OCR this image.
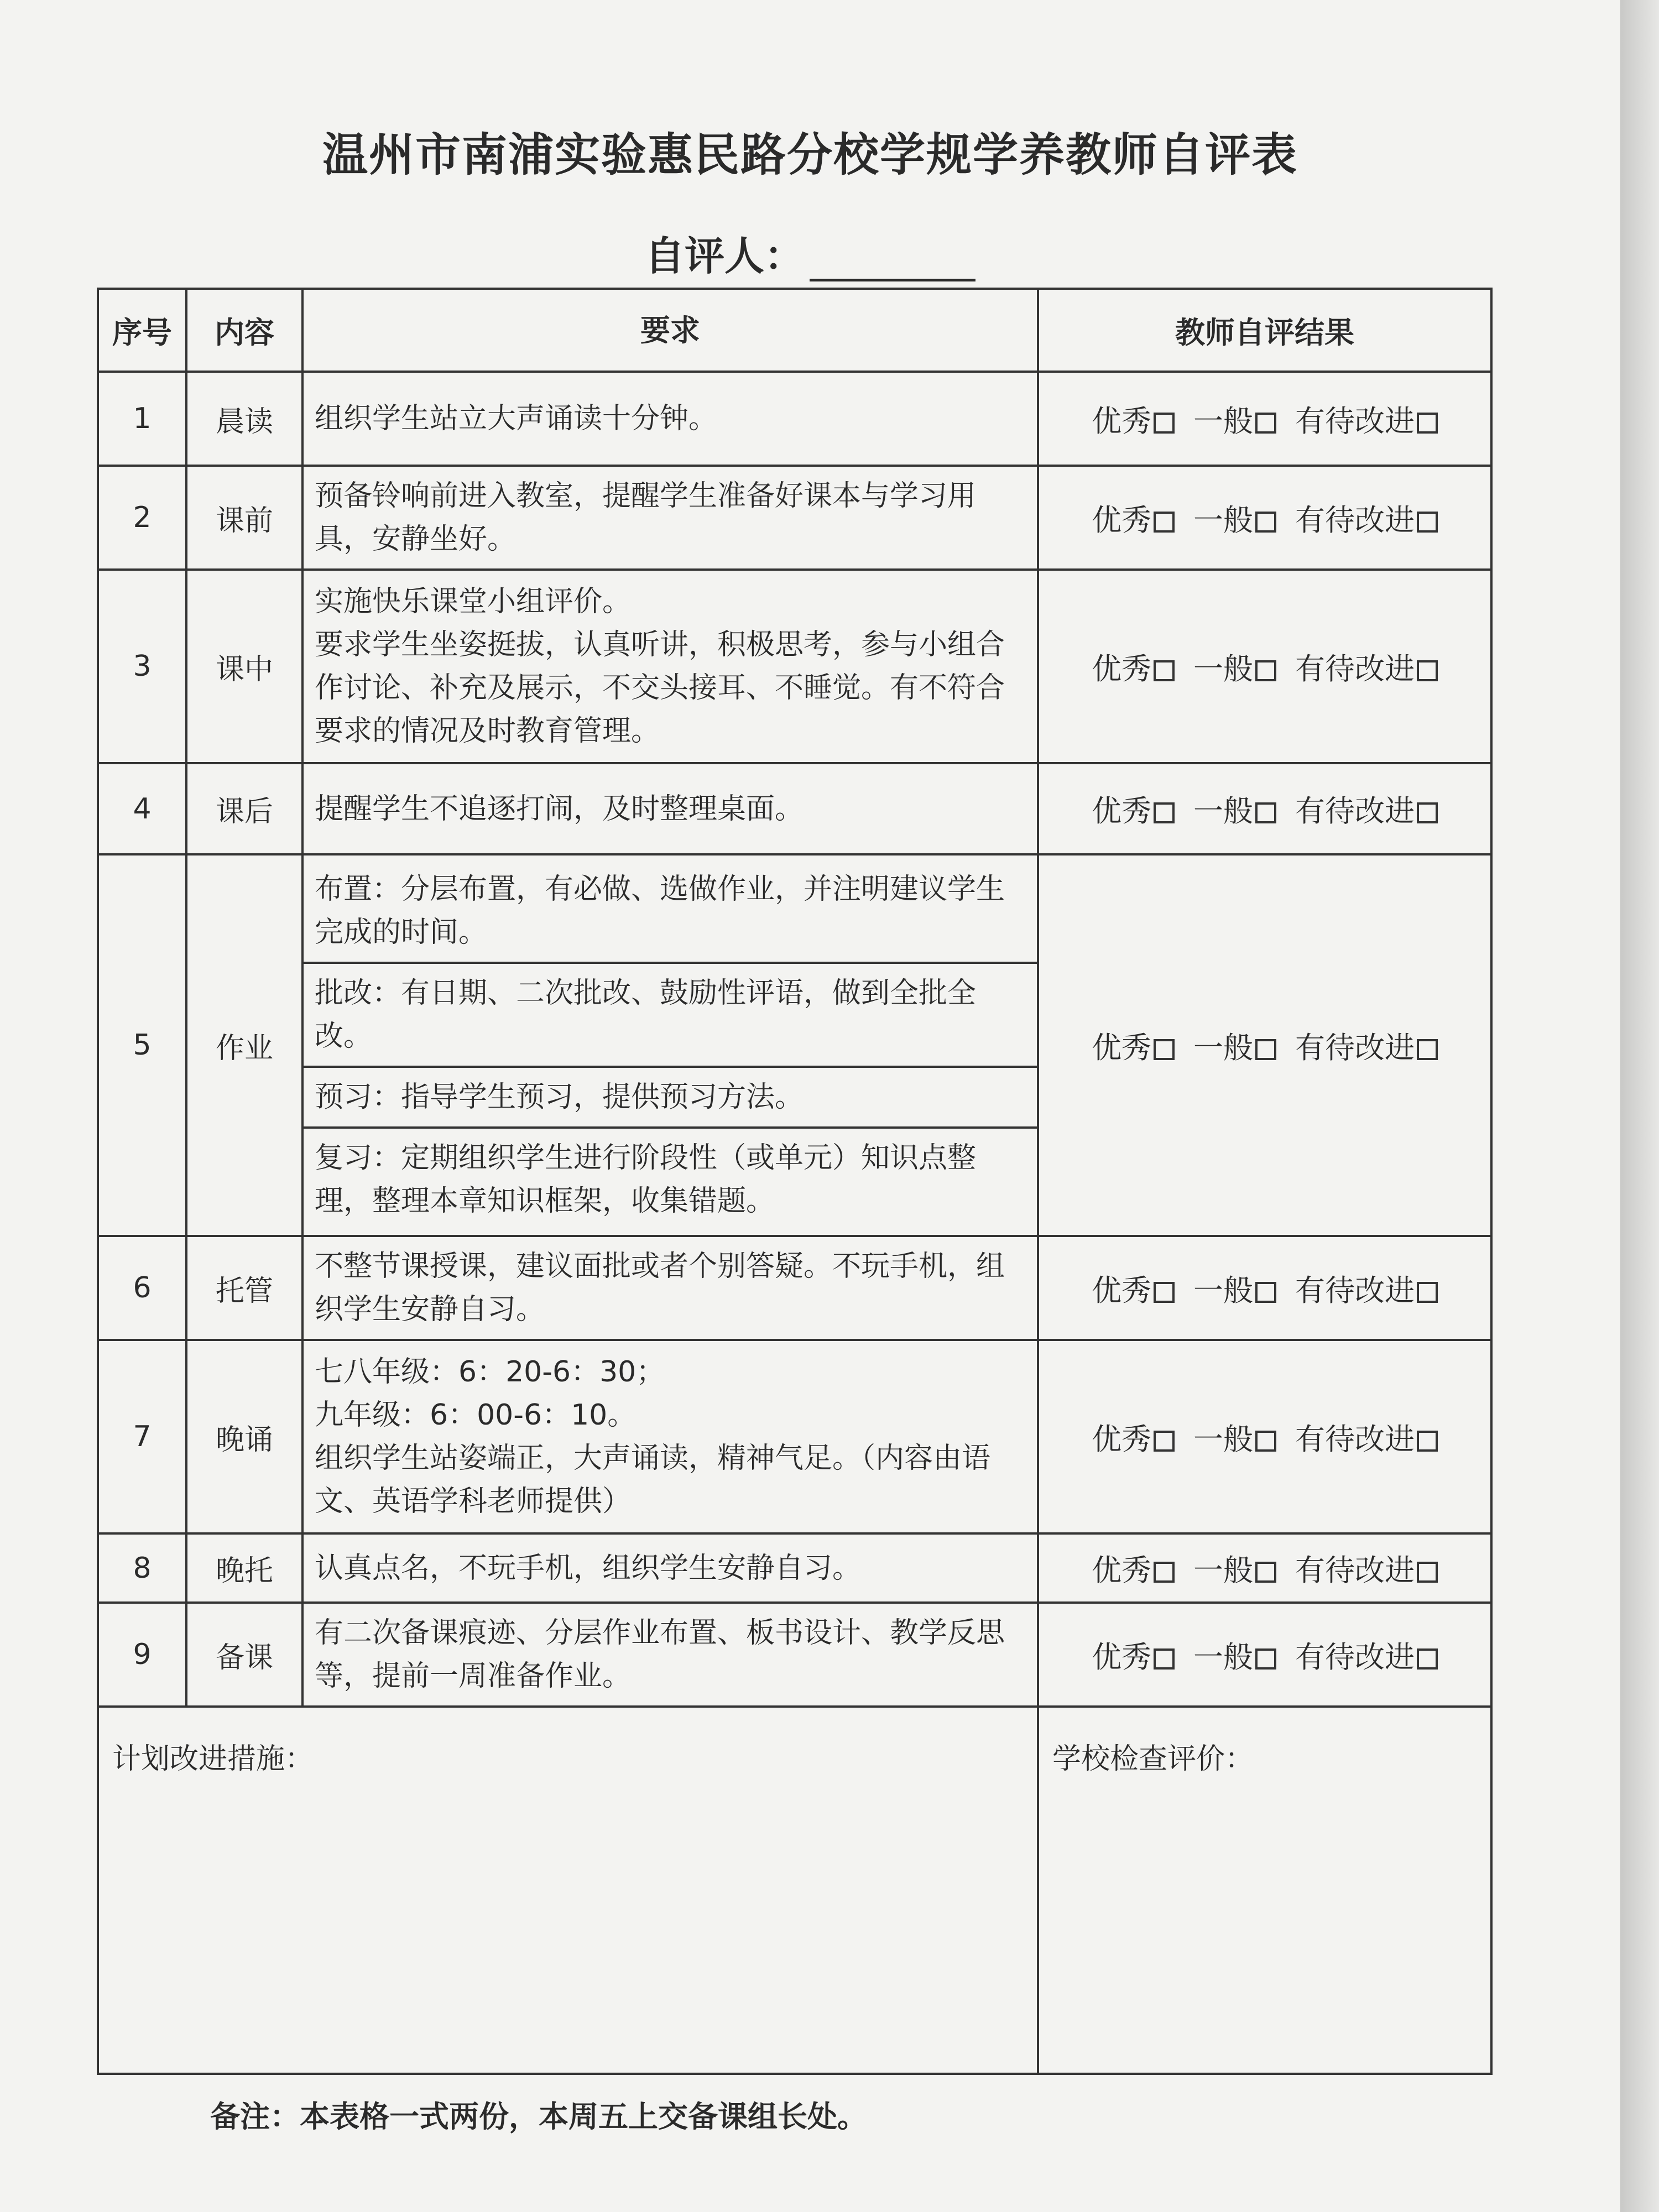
温州市南浦实验惠民路分校学规学养教师自评表
自评人：
序号	内容	要求	教师自评结果
1	晨读	组织学生站立大声诵读十分钟。	优秀 一般 有待改进
2	课前	预备铃响前进入教室，提醒学生准备好课本与学习用具，安静坐好。	优秀 一般 有待改进
3	课中	实施快乐课堂小组评价。
要求学生坐姿挺拔，认真听讲，积极思考，参与小组合作讨论、补充及展示，不交头接耳、不睡觉。有不符合要求的情况及时教育管理。	优秀 一般 有待改进
4	课后	提醒学生不追逐打闹，及时整理桌面。	优秀 一般 有待改进
5	作业	布置：分层布置，有必做、选做作业，并注明建议学生完成的时间。
批改：有日期、二次批改、鼓励性评语，做到全批全改。
预习：指导学生预习，提供预习方法。
复习：定期组织学生进行阶段性（或单元）知识点整理，整理本章知识框架，收集错题。	优秀 一般 有待改进
6	托管	不整节课授课，建议面批或者个别答疑。不玩手机，组织学生安静自习。	优秀 一般 有待改进
7	晚诵	七八年级：6：20-6：30；
九年级：6：00-6：10。
组织学生站姿端正，大声诵读，精神气足。（内容由语文、英语学科老师提供）	优秀 一般 有待改进
8	晚托	认真点名，不玩手机，组织学生安静自习。	优秀 一般 有待改进
9	备课	有二次备课痕迹、分层作业布置、板书设计、教学反思等，提前一周准备作业。	优秀 一般 有待改进
计划改进措施：			学校检查评价：
备注：本表格一式两份，本周五上交备课组长处。
